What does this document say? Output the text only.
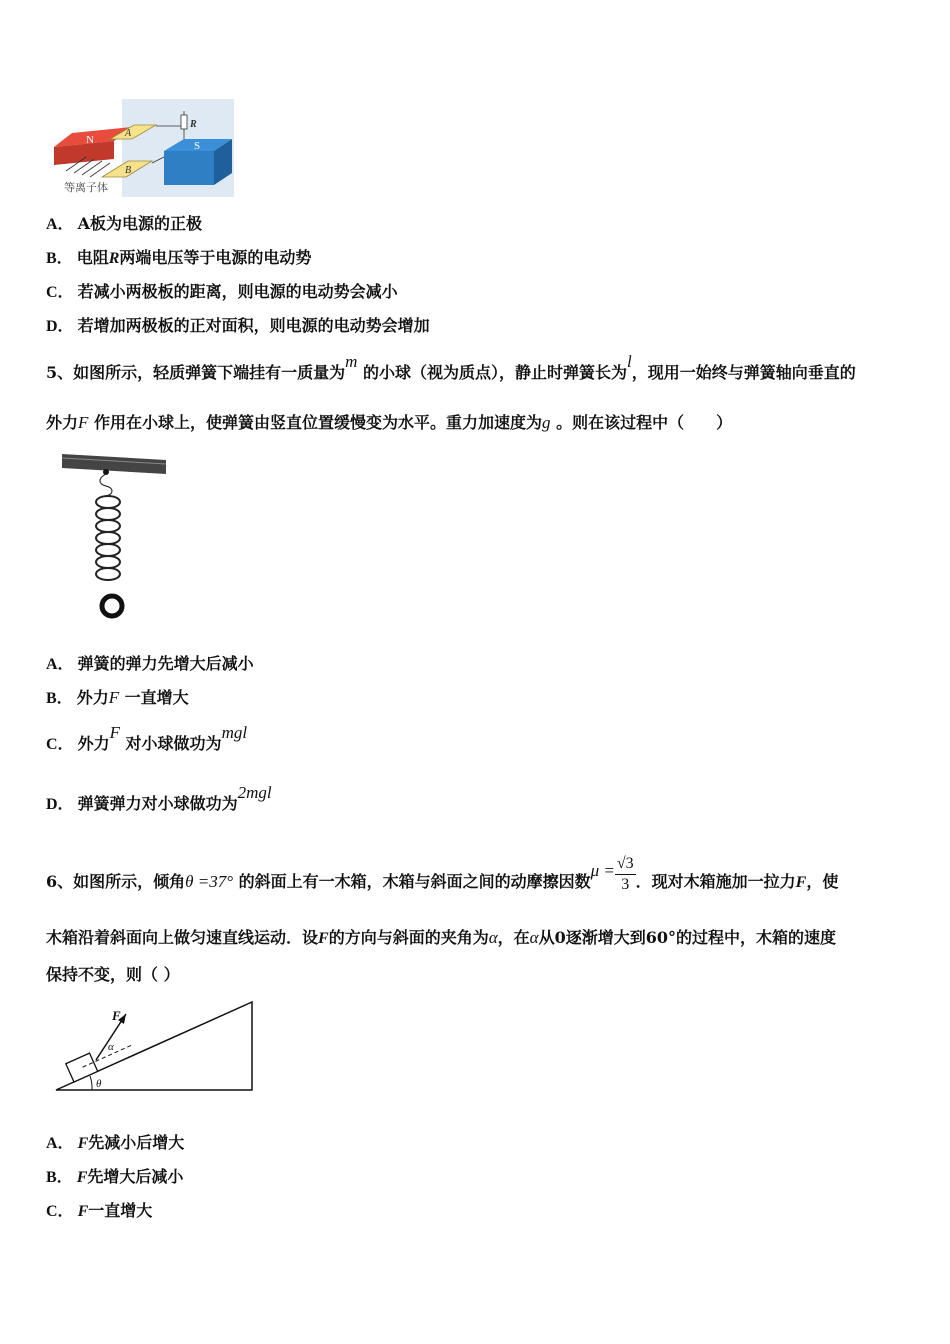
N
A
B
R
S
等离子体
A． A板为电源的正极
B． 电阻R两端电压等于电源的电动势
C． 若减小两极板的距离，则电源的电动势会减小
D． 若增加两极板的正对面积，则电源的电动势会增加
5、如图所示，轻质弹簧下端挂有一质量为m 的小球（视为质点），静止时弹簧长为l，现用一始终与弹簧轴向垂直的
外力F 作用在小球上，使弹簧由竖直位置缓慢变为水平。重力加速度为g 。则在该过程中（　　）
A． 弹簧的弹力先增大后减小
B． 外力F 一直增大
C． 外力F 对小球做功为mgl
D． 弹簧弹力对小球做功为2mgl
6、如图所示，倾角θ =37° 的斜面上有一木箱，木箱与斜面之间的动摩擦因数$\mu = \frac{√3}{3}$ ．现对木箱施加一拉力F，使
木箱沿着斜面向上做匀速直线运动．设F的方向与斜面的夹角为α，在α从0逐渐增大到60°的过程中，木箱的速度
保持不变，则（ ）
F
α
θ
A． F先减小后增大
B． F先增大后减小
C． F一直增大
